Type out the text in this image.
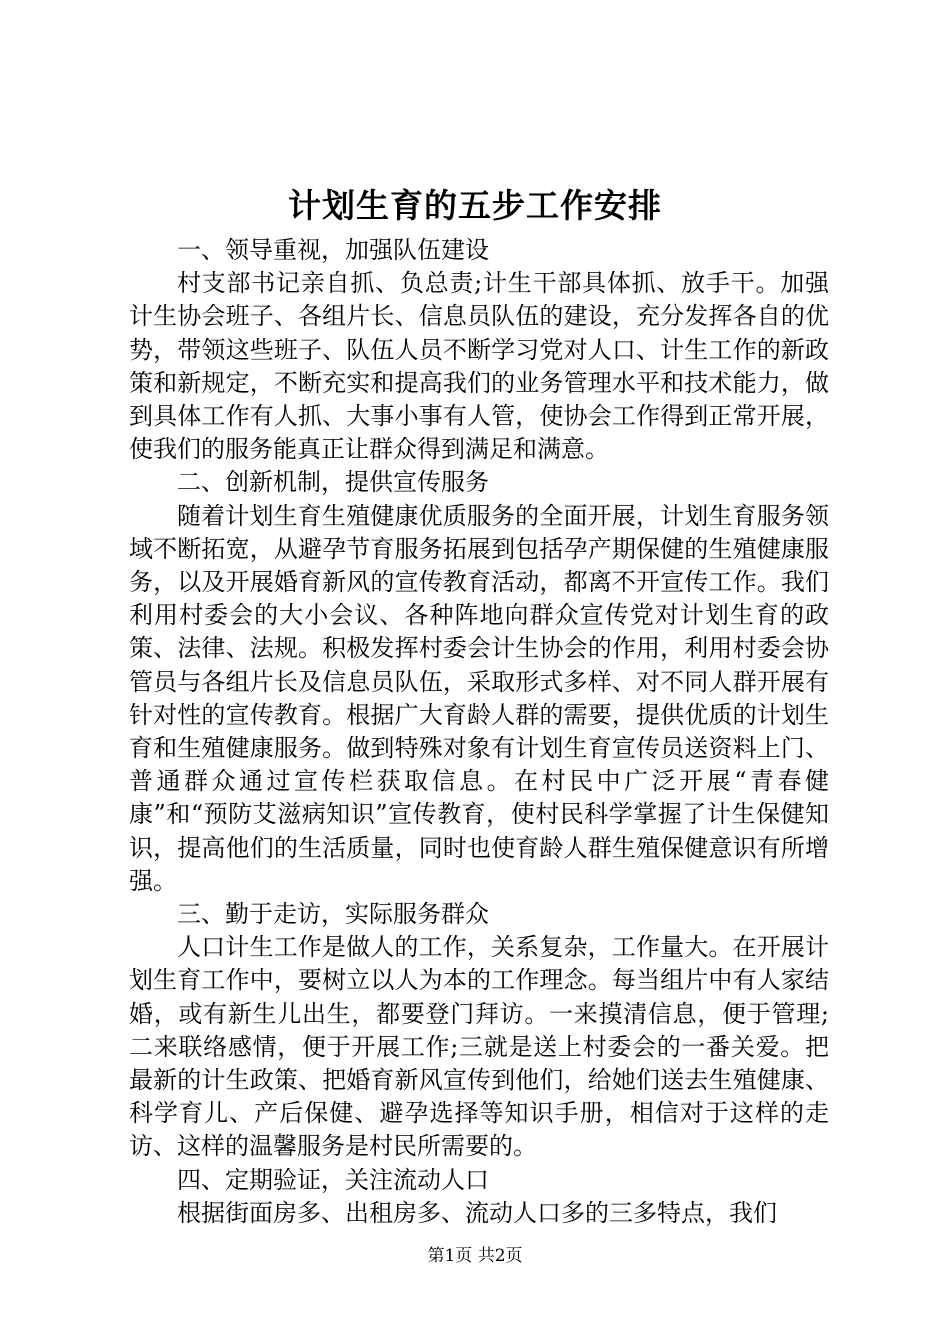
计划生育的五步工作安排

一、领导重视，加强队伍建设

村支部书记亲自抓、负总责;计生干部具体抓、放手干。加强计生协会班子、各组片长、信息员队伍的建设，充分发挥各自的优势，带领这些班子、队伍人员不断学习党对人口、计生工作的新政策和新规定，不断充实和提高我们的业务管理水平和技术能力，做到具体工作有人抓、大事小事有人管，使协会工作得到正常开展，使我们的服务能真正让群众得到满足和满意。

二、创新机制，提供宣传服务

随着计划生育生殖健康优质服务的全面开展，计划生育服务领域不断拓宽，从避孕节育服务拓展到包括孕产期保健的生殖健康服务，以及开展婚育新风的宣传教育活动，都离不开宣传工作。我们利用村委会的大小会议、各种阵地向群众宣传党对计划生育的政策、法律、法规。积极发挥村委会计生协会的作用，利用村委会协管员与各组片长及信息员队伍，采取形式多样、对不同人群开展有针对性的宣传教育。根据广大育龄人群的需要，提供优质的计划生育和生殖健康服务。做到特殊对象有计划生育宣传员送资料上门、普通群众通过宣传栏获取信息。在村民中广泛开展“青春健康”和“预防艾滋病知识”宣传教育，使村民科学掌握了计生保健知识，提高他们的生活质量，同时也使育龄人群生殖保健意识有所增强。

三、勤于走访，实际服务群众

人口计生工作是做人的工作，关系复杂，工作量大。在开展计划生育工作中，要树立以人为本的工作理念。每当组片中有人家结婚，或有新生儿出生，都要登门拜访。一来摸清信息，便于管理;二来联络感情，便于开展工作;三就是送上村委会的一番关爱。把最新的计生政策、把婚育新风宣传到他们，给她们送去生殖健康、科学育儿、产后保健、避孕选择等知识手册，相信对于这样的走访、这样的温馨服务是村民所需要的。

四、定期验证，关注流动人口

根据街面房多、出租房多、流动人口多的三多特点，我们

第1页 共2页
